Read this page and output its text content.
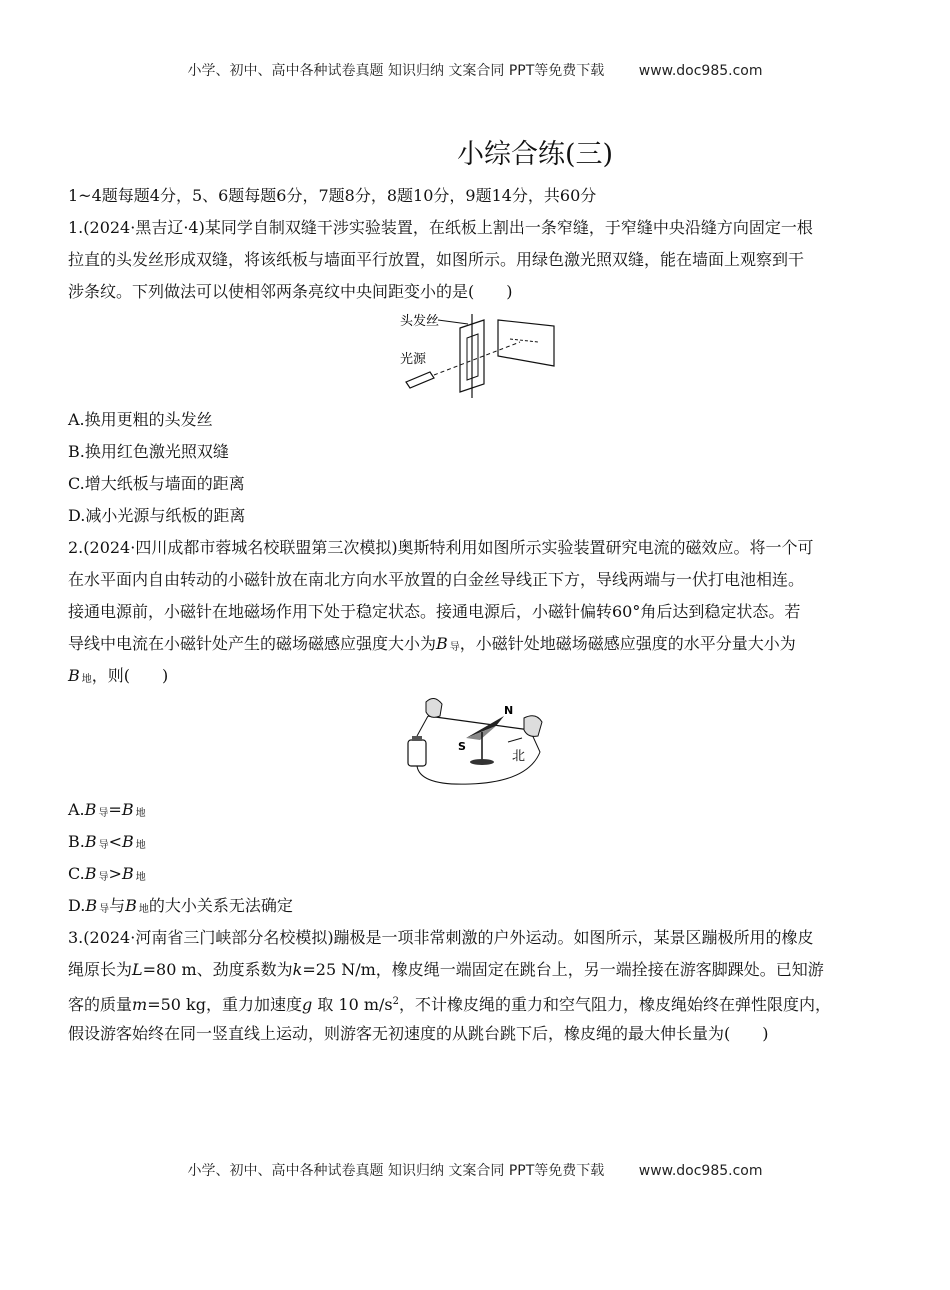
小学、初中、高中各种试卷真题 知识归纳 文案合同 PPT等免费下载 www.doc985.com
小综合练(三)
1~4题每题4分，5、6题每题6分，7题8分，8题10分，9题14分，共60分
1.(2024·黑吉辽·4)某同学自制双缝干涉实验装置，在纸板上割出一条窄缝，于窄缝中央沿缝方向固定一根
拉直的头发丝形成双缝，将该纸板与墙面平行放置，如图所示。用绿色激光照双缝，能在墙面上观察到干
涉条纹。下列做法可以使相邻两条亮纹中央间距变小的是(　　)
头发丝
光源
A.换用更粗的头发丝
B.换用红色激光照双缝
C.增大纸板与墙面的距离
D.减小光源与纸板的距离
2.(2024·四川成都市蓉城名校联盟第三次模拟)奥斯特利用如图所示实验装置研究电流的磁效应。将一个可
在水平面内自由转动的小磁针放在南北方向水平放置的白金丝导线正下方，导线两端与一伏打电池相连。
接通电源前，小磁针在地磁场作用下处于稳定状态。接通电源后，小磁针偏转60°角后达到稳定状态。若
导线中电流在小磁针处产生的磁场磁感应强度大小为B 导，小磁针处地磁场磁感应强度的水平分量大小为
B地，则(　　)
N
S
北
A.B 导=B 地
B.B 导<B 地
C.B 导>B 地
D.B 导与B 地的大小关系无法确定
3.(2024·河南省三门峡部分名校模拟)蹦极是一项非常刺激的户外运动。如图所示，某景区蹦极所用的橡皮
绳原长为L=80 m、劲度系数为k=25 N/m，橡皮绳一端固定在跳台上，另一端拴接在游客脚踝处。已知游
客的质量m=50 kg，重力加速度g 取 10 $m/s^2$，不计橡皮绳的重力和空气阻力，橡皮绳始终在弹性限度内，
假设游客始终在同一竖直线上运动，则游客无初速度的从跳台跳下后，橡皮绳的最大伸长量为(　　)
小学、初中、高中各种试卷真题 知识归纳 文案合同 PPT等免费下载 www.doc985.com
